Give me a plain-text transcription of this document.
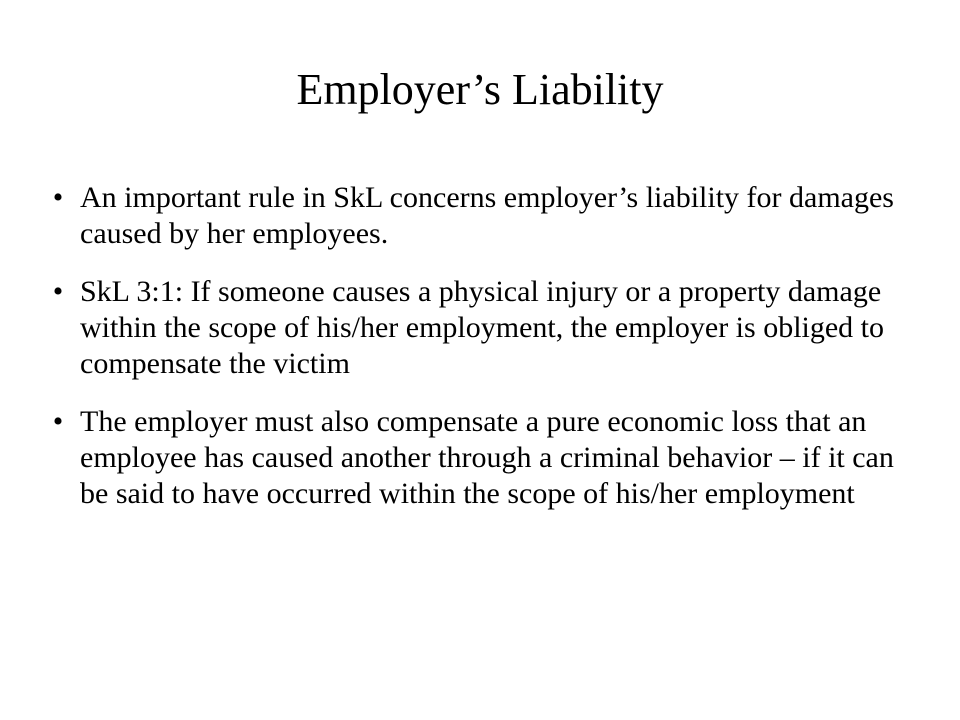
Employer’s Liability
• An important rule in SkL concerns employer’s liability for damages caused by her employees.
• SkL 3:1: If someone causes a physical injury or a property damage within the scope of his/her employment, the employer is obliged to compensate the victim
• The employer must also compensate a pure economic loss that an employee has caused another through a criminal behavior – if it can be said to have occurred within the scope of his/her employment
